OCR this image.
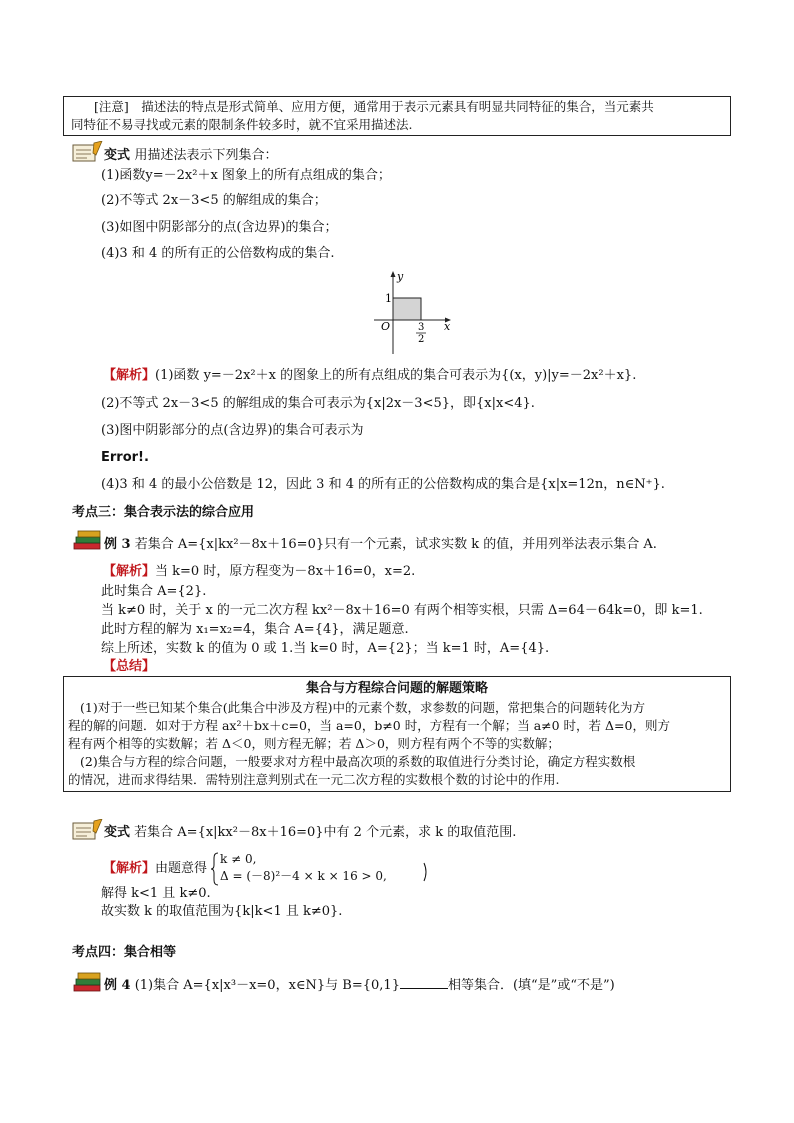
[注意]　 描述法的特点是形式简单、应用方便，通常用于表示元素具有明显共同特征的集合，当元素共
同特征不易寻找或元素的限制条件较多时，就不宜采用描述法.
变式 用描述法表示下列集合：
(1)函数y=－2x²＋x 图象上的所有点组成的集合；
(2)不等式 2x－3<5 的解组成的集合；
(3)如图中阴影部分的点(含边界)的集合；
(4)3 和 4 的所有正的公倍数构成的集合.
y
x
O
1
3
2
【解析】(1)函数 y=－2x²＋x 的图象上的所有点组成的集合可表示为{(x，y)|y=－2x²＋x}.
(2)不等式 2x－3<5 的解组成的集合可表示为{x|2x－3<5}，即{x|x<4}.
(3)图中阴影部分的点(含边界)的集合可表示为
Error!.
(4)3 和 4 的最小公倍数是 12，因此 3 和 4 的所有正的公倍数构成的集合是{x|x=12n，n∈N⁺}.
考点三：集合表示法的综合应用
例 3 若集合 A={x|kx²－8x＋16=0}只有一个元素，试求实数 k 的值，并用列举法表示集合 A.
【解析】当 k=0 时，原方程变为－8x＋16=0，x=2.
此时集合 A={2}.
当 k≠0 时，关于 x 的一元二次方程 kx²－8x＋16=0 有两个相等实根，只需 Δ=64－64k=0，即 k=1.
此时方程的解为 x₁=x₂=4，集合 A={4}，满足题意.
综上所述，实数 k 的值为 0 或 1.当 k=0 时，A={2}；当 k=1 时，A={4}.
【总结】
集合与方程综合问题的解题策略
(1)对于一些已知某个集合(此集合中涉及方程)中的元素个数，求参数的问题，常把集合的问题转化为方
程的解的问题．如对于方程 ax²＋bx＋c=0，当 a=0，b≠0 时，方程有一个解；当 a≠0 时，若 Δ=0，则方
程有两个相等的实数解；若 Δ＜0，则方程无解；若 Δ＞0，则方程有两个不等的实数解；
(2)集合与方程的综合问题，一般要求对方程中最高次项的系数的取值进行分类讨论，确定方程实数根
的情况，进而求得结果．需特别注意判别式在一元二次方程的实数根个数的讨论中的作用.
变式 若集合 A={x|kx²－8x＋16=0}中有 2 个元素，求 k 的取值范围.
【解析】由题意得
k ≠ 0,
Δ = (－8)²－4 × k × 16 > 0,
解得 k<1 且 k≠0.
故实数 k 的取值范围为{k|k<1 且 k≠0}.
考点四：集合相等
例 4 (1)集合 A={x|x³－x=0，x∈N}与 B={0,1}	相等集合．(填“是”或“不是”)
